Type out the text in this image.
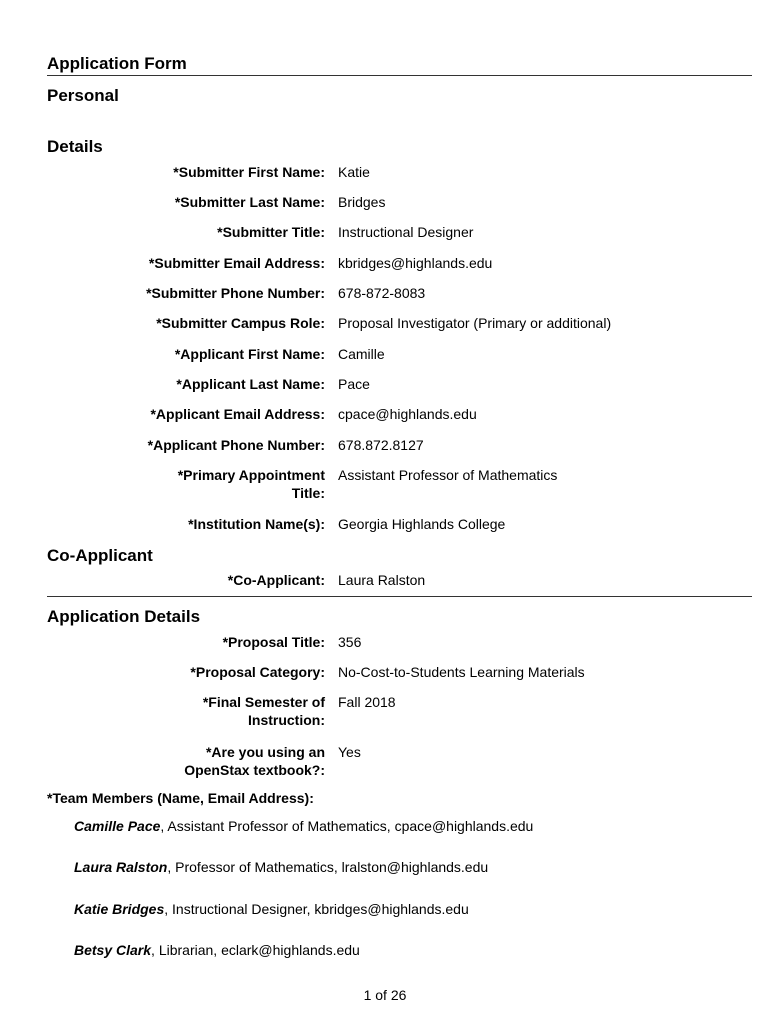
Application Form
Personal
Details
*Submitter First Name: Katie
*Submitter Last Name: Bridges
*Submitter Title: Instructional Designer
*Submitter Email Address: kbridges@highlands.edu
*Submitter Phone Number: 678-872-8083
*Submitter Campus Role: Proposal Investigator (Primary or additional)
*Applicant First Name: Camille
*Applicant Last Name: Pace
*Applicant Email Address: cpace@highlands.edu
*Applicant Phone Number: 678.872.8127
*Primary Appointment
Title:
Assistant Professor of Mathematics
*Institution Name(s): Georgia Highlands College
Co-Applicant
*Co-Applicant: Laura Ralston
Application Details
*Proposal Title: 356
*Proposal Category: No-Cost-to-Students Learning Materials
*Final Semester of
Instruction:
Fall 2018
*Are you using an
OpenStax textbook?:
Yes
*Team Members (Name, Email Address):
Camille Pace, Assistant Professor of Mathematics, cpace@highlands.edu
Laura Ralston, Professor of Mathematics, lralston@highlands.edu
Katie Bridges, Instructional Designer, kbridges@highlands.edu
Betsy Clark, Librarian, eclark@highlands.edu
1 of 26
